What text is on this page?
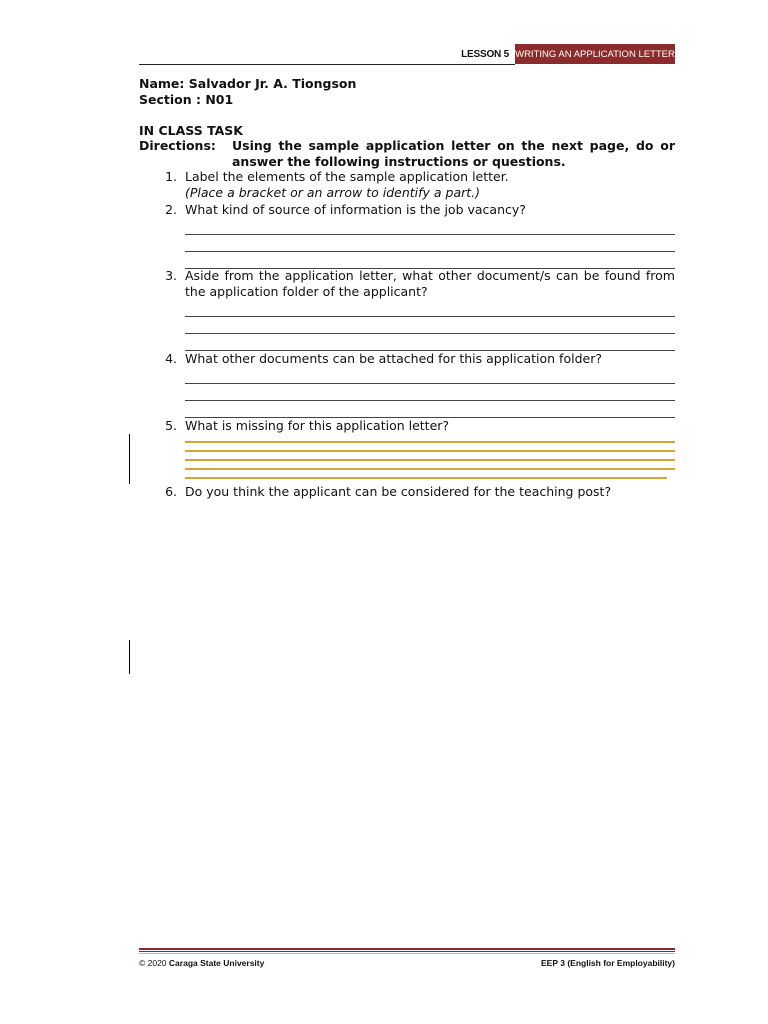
LESSON 5 WRITING AN APPLICATION LETTER
Name: Salvador Jr. A. Tiongson
Section : N01
IN CLASS TASK
Directions: Using the sample application letter on the next page, do or answer the following instructions or questions.
1. Label the elements of the sample application letter.
(Place a bracket or an arrow to identify a part.)
2. What kind of source of information is the job vacancy?
3. Aside from the application letter, what other document/s can be found from the application folder of the applicant?
4. What other documents can be attached for this application folder?
5. What is missing for this application letter?
6. Do you think the applicant can be considered for the teaching post?
© 2020 Caraga State University	EEP 3 (English for Employability)
